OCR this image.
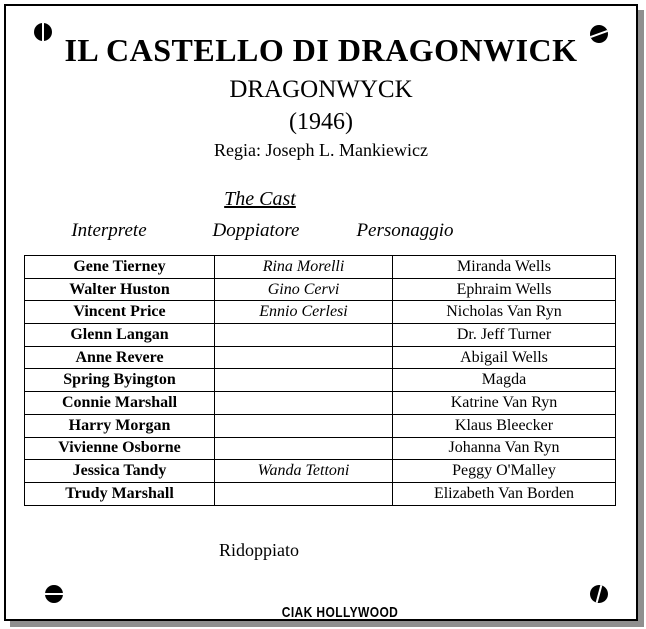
IL CASTELLO DI DRAGONWICK
DRAGONWYCK
(1946)
Regia: Joseph L. Mankiewicz
The Cast
Interprete	Doppiatore	Personaggio
Gene Tierney	Rina Morelli	Miranda Wells
Walter Huston	Gino Cervi	Ephraim Wells
Vincent Price	Ennio Cerlesi	Nicholas Van Ryn
Glenn Langan		Dr. Jeff Turner
Anne Revere		Abigail Wells
Spring Byington		Magda
Connie Marshall		Katrine Van Ryn
Harry Morgan		Klaus Bleecker
Vivienne Osborne		Johanna Van Ryn
Jessica Tandy	Wanda Tettoni	Peggy O'Malley
Trudy Marshall		Elizabeth Van Borden
Ridoppiato
CIAK HOLLYWOOD
